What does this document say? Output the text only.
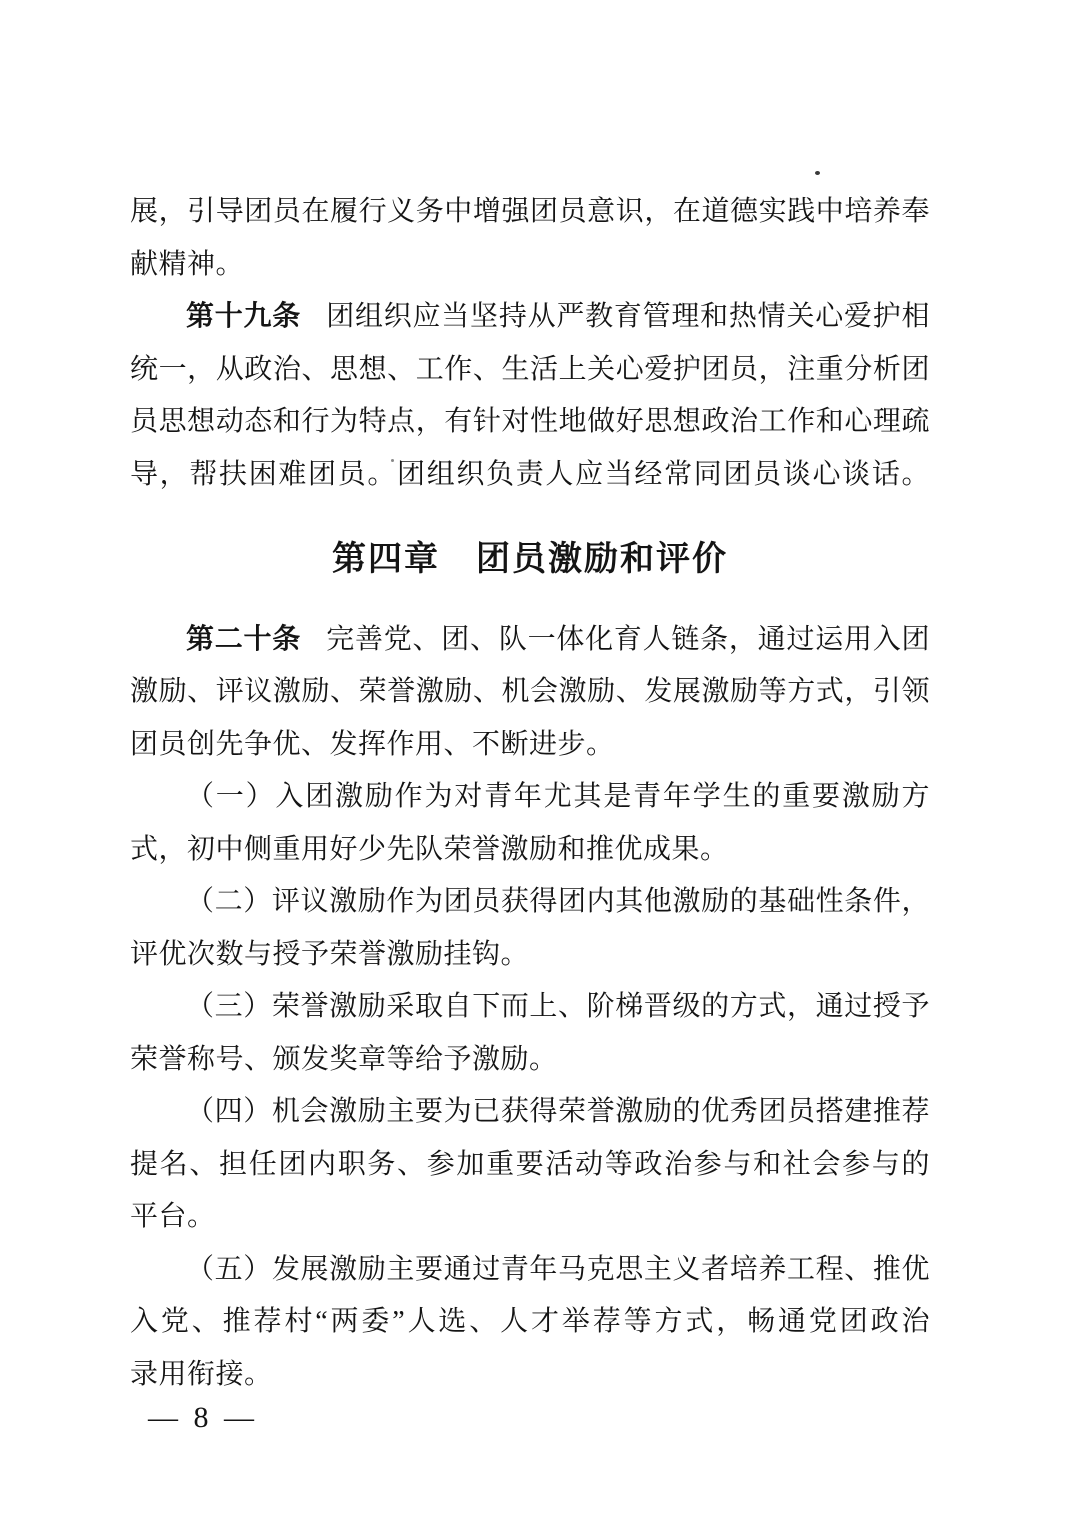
展，引导团员在履行义务中增强团员意识，在道德实践中培养奉
献精神。
第十九条 团组织应当坚持从严教育管理和热情关心爱护相
统一，从政治、思想、工作、生活上关心爱护团员，注重分析团
员思想动态和行为特点，有针对性地做好思想政治工作和心理疏
导，帮扶困难团员。团组织负责人应当经常同团员谈心谈话。
第四章　团员激励和评价
第二十条 完善党、团、队一体化育人链条，通过运用入团
激励、评议激励、荣誉激励、机会激励、发展激励等方式，引领
团员创先争优、发挥作用、不断进步。
（一）入团激励作为对青年尤其是青年学生的重要激励方
式，初中侧重用好少先队荣誉激励和推优成果。
（二）评议激励作为团员获得团内其他激励的基础性条件，
评优次数与授予荣誉激励挂钩。
（三）荣誉激励采取自下而上、阶梯晋级的方式，通过授予
荣誉称号、颁发奖章等给予激励。
（四）机会激励主要为已获得荣誉激励的优秀团员搭建推荐
提名、担任团内职务、参加重要活动等政治参与和社会参与的
平台。
（五）发展激励主要通过青年马克思主义者培养工程、推优
入党、推荐村“两委”人选、人才举荐等方式，畅通党团政治
录用衔接。
— 8 —
